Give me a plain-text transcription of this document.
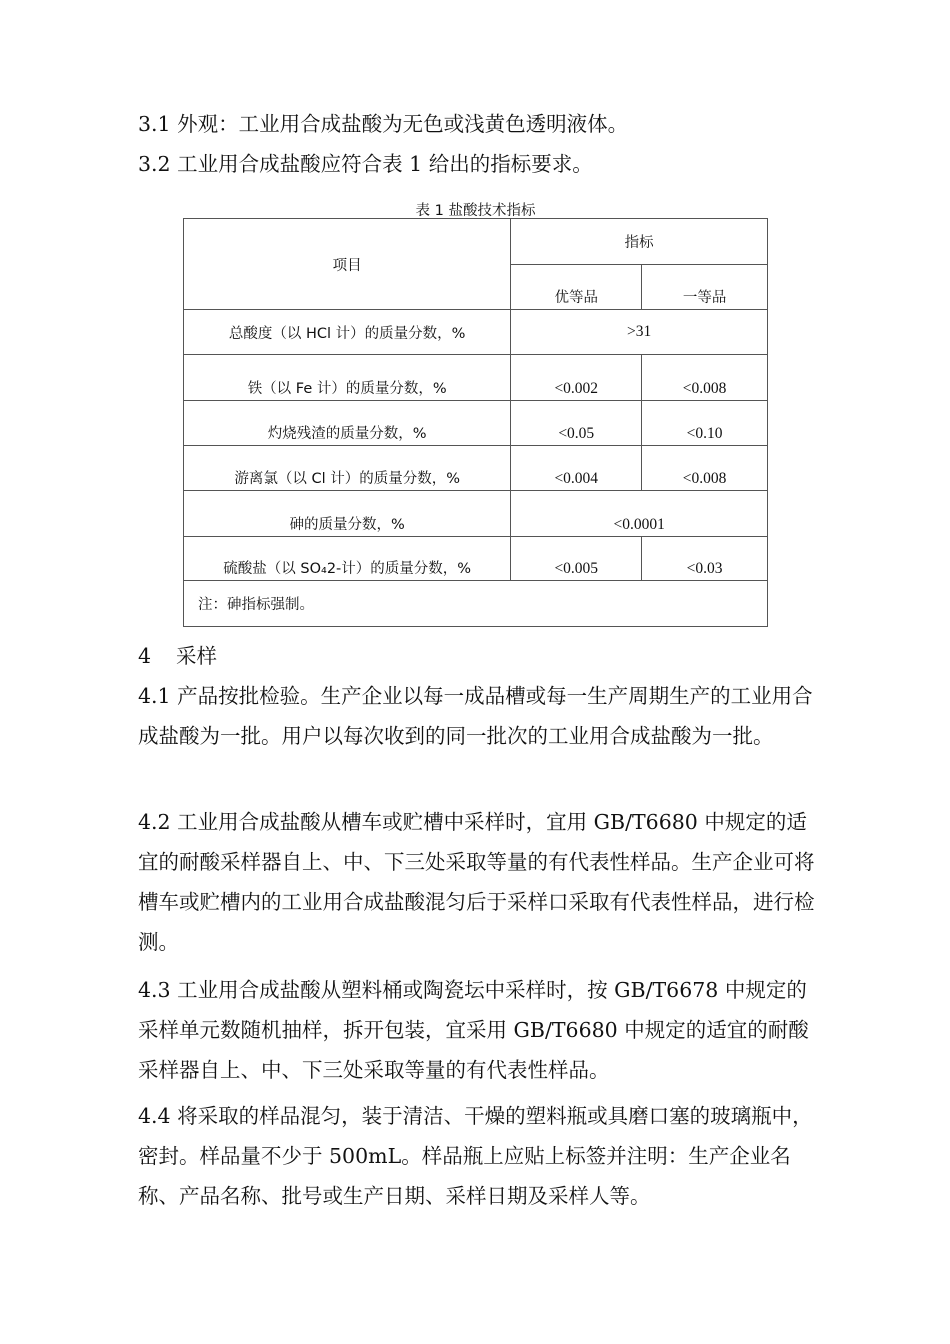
3.1 外观：工业用合成盐酸为无色或浅黄色透明液体。

3.2 工业用合成盐酸应符合表 1 给出的指标要求。

表 1 盐酸技术指标
项目	指标	
	优等品	一等品
总酸度（以 HCl 计）的质量分数，%	>31	
铁（以 Fe 计）的质量分数，%	<0.002	<0.008
灼烧残渣的质量分数，%	<0.05	<0.10
游离氯（以 Cl 计）的质量分数，%	<0.004	<0.008
砷的质量分数，%	<0.0001	
硫酸盐（以 SO₄2-计）的质量分数，%	<0.005	<0.03
注：砷指标强制。		
4 采样

4.1 产品按批检验。生产企业以每一成品槽或每一生产周期生产的工业用合成盐酸为一批。用户以每次收到的同一批次的工业用合成盐酸为一批。

4.2 工业用合成盐酸从槽车或贮槽中采样时，宜用 GB/T6680 中规定的适宜的耐酸采样器自上、中、下三处采取等量的有代表性样品。生产企业可将槽车或贮槽内的工业用合成盐酸混匀后于采样口采取有代表性样品，进行检测。

4.3 工业用合成盐酸从塑料桶或陶瓷坛中采样时，按 GB/T6678 中规定的采样单元数随机抽样，拆开包装，宜采用 GB/T6680 中规定的适宜的耐酸采样器自上、中、下三处采取等量的有代表性样品。

4.4 将采取的样品混匀，装于清洁、干燥的塑料瓶或具磨口塞的玻璃瓶中，密封。样品量不少于 500mL。样品瓶上应贴上标签并注明：生产企业名称、产品名称、批号或生产日期、采样日期及采样人等。
